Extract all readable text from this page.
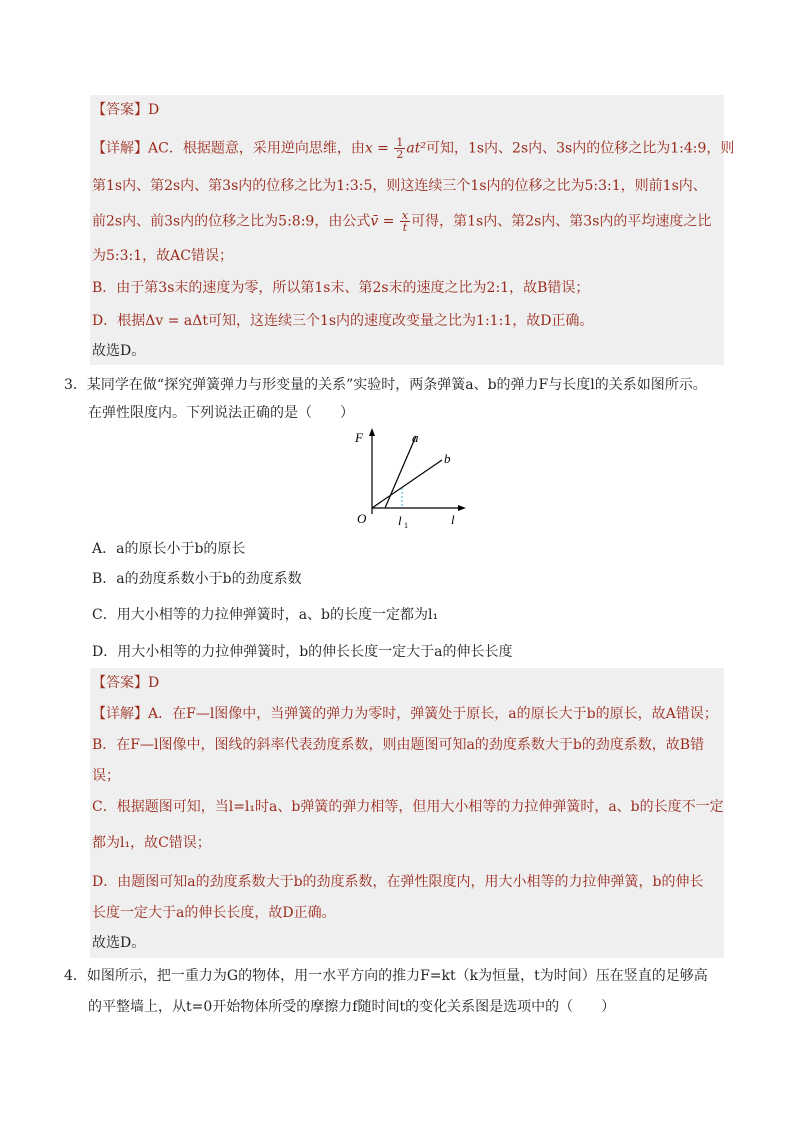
【答案】D
【详解】AC．根据题意，采用逆向思维，由$x = \frac{1}{2} at^2$可知，1s内、2s内、3s内的位移之比为1:4:9，则
第1s内、第2s内、第3s内的位移之比为1:3:5，则这连续三个1s内的位移之比为5:3:1，则前1s内、
前2s内、前3s内的位移之比为5:8:9，由公式v̄ = $\frac{x}{t}$ 可得，第1s内、第2s内、第3s内的平均速度之比
为5:3:1，故AC错误；
B．由于第3s末的速度为零，所以第1s末、第2s末的速度之比为2:1，故B错误；
D．根据Δv = aΔt可知，这连续三个1s内的速度改变量之比为1:1:1，故D正确。
故选D。
3．某同学在做“探究弹簧弹力与形变量的关系”实验时，两条弹簧a、b的弹力F与长度l的关系如图所示。
在弹性限度内。下列说法正确的是（　　）
F
O	l
a
b
l 1
A．a的原长小于b的原长
B．a的劲度系数小于b的劲度系数
C．用大小相等的力拉伸弹簧时，a、b的长度一定都为l₁
D．用大小相等的力拉伸弹簧时，b的伸长长度一定大于a的伸长长度
【答案】D
【详解】A．在F—l图像中，当弹簧的弹力为零时，弹簧处于原长，a的原长大于b的原长，故A错误；
B．在F—l图像中，图线的斜率代表劲度系数，则由题图可知a的劲度系数大于b的劲度系数，故B错
误；
C．根据题图可知，当l=l₁时a、b弹簧的弹力相等，但用大小相等的力拉伸弹簧时，a、b的长度不一定
都为l₁，故C错误；
D．由题图可知a的劲度系数大于b的劲度系数，在弹性限度内，用大小相等的力拉伸弹簧，b的伸长
长度一定大于a的伸长长度，故D正确。
故选D。
4．如图所示，把一重力为G的物体，用一水平方向的推力F=kt（k为恒量，t为时间）压在竖直的足够高
的平整墙上，从t=0开始物体所受的摩擦力f随时间t的变化关系图是选项中的（　　）
